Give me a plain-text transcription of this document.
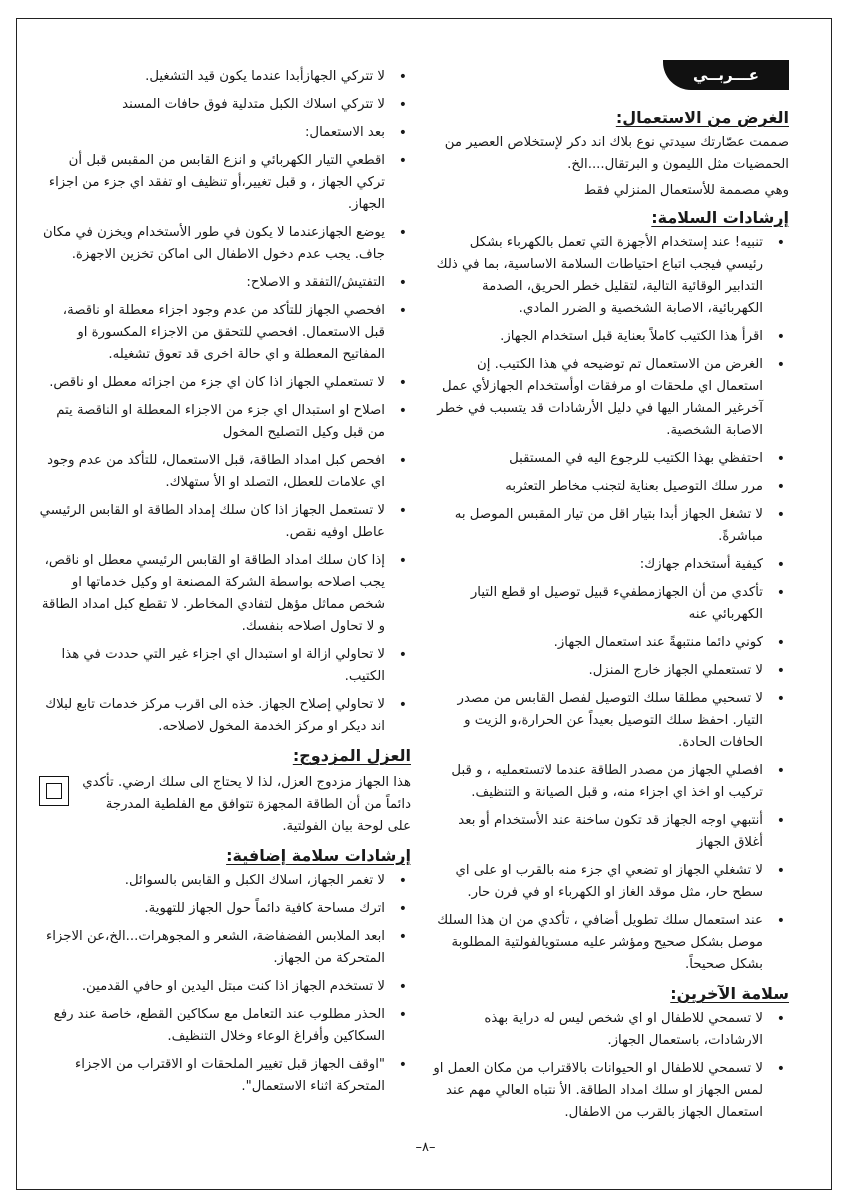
عـــربــي
الغرض من الاستعمال:

صممت عصّارتك سيدتي نوع بلاك اند دكر لإستخلاص العصير من الحمضيات مثل الليمون و البرتقال....الخ.

وهي مصممة للأستعمال المنزلي فقط

إرشادات السلامة:
• تنبيه! عند إستخدام الأجهزة التي تعمل بالكهرباء بشكل رئيسي فيجب اتباع احتياطات السلامة الاساسية، بما في ذلك التدابير الوقائية التالية، لتقليل خطر الحريق، الصدمة الكهربائية، الاصابة الشخصية و الضرر المادي.
• اقرأ هذا الكتيب كاملاً بعناية قبل استخدام الجهاز.
• الغرض من الاستعمال تم توضيحه في هذا الكتيب. إن استعمال اي ملحقات او مرفقات اوأستخدام الجهازلأي عمل آخرغير المشار اليها في دليل الأرشادات قد يتسبب في خطر الاصابة الشخصية.
• احتفظي بهذا الكتيب للرجوع اليه في المستقبل
• مرر سلك التوصيل بعناية لتجنب مخاطر التعثربه
• لا تشغل الجهاز أبدا بتيار اقل من تيار المقبس الموصل به مباشرةً.
• كيفية أستخدام جهازك:
• تأكدي من أن الجهازمطفيء قبيل توصيل او قطع التيار الكهربائي عنه
• كوني دائما منتبهةً عند استعمال الجهاز.
• لا تستعملي الجهاز خارج المنزل.
• لا تسحبي مطلقا سلك التوصيل لفصل القابس من مصدر التيار. احفظ سلك التوصيل بعيداً عن الحرارة،و الزيت و الحافات الحادة.
• افصلي الجهاز من مصدر الطاقة عندما لاتستعمليه ، و قبل تركيب او اخذ اي اجزاء منه، و قبل الصيانة و التنظيف.
• أنتبهي اوجه الجهاز قد تكون ساخنة عند الأستخدام أو بعد أغلاق الجهاز
• لا تشغلي الجهاز او تضعي اي جزء منه بالقرب او على اي سطح حار، مثل موقد الغاز او الكهرباء او في فرن حار.
• عند استعمال سلك تطويل أضافي ، تأكدي من ان هذا السلك موصل بشكل صحيح ومؤشر عليه مستويالفولتية المطلوبة بشكل صحيحاً.
سلامة الآخرين:
• لا تسمحي للاطفال او اي شخص ليس له دراية بهذه الارشادات، باستعمال الجهاز.
• لا تسمحي للاطفال او الحيوانات بالاقتراب من مكان العمل او لمس الجهاز او سلك امداد الطاقة. الأ نتباه العالي مهم عند استعمال الجهاز بالقرب من الاطفال.
• لا تتركي الجهازأبدا عندما يكون قيد التشغيل.
• لا تتركي اسلاك الكبل متدلية فوق حافات المسند
• بعد الاستعمال:
• اقطعي التيار الكهربائي و انزع القابس من المقبس قبل أن تركي الجهاز ، و قبل تغيير،أو تنظيف او تفقد اي جزء من اجزاء الجهاز.
• يوضع الجهازعندما لا يكون في طور الأستخدام ويخزن في مكان جاف. يجب عدم دخول الاطفال الى اماكن تخزين الاجهزة.
• التفتيش/التفقد و الاصلاح:
• افحصي الجهاز للتأكد من عدم وجود اجزاء معطلة او ناقصة، قبل الاستعمال. افحصي للتحقق من الاجزاء المكسورة او المفاتيح المعطلة و اي حالة اخرى قد تعوق تشغيله.
• لا تستعملي الجهاز اذا كان اي جزء من اجزائه معطل او ناقص.
• اصلاح او استبدال اي جزء من الاجزاء المعطلة او الناقصة يتم من قبل وكيل التصليح المخول
• افحص كبل امداد الطاقة، قبل الاستعمال، للتأكد من عدم وجود اي علامات للعطل، التصلد او الأ ستهلاك.
• لا تستعمل الجهاز اذا كان سلك إمداد الطاقة او القابس الرئيسي عاطل اوفيه نقص.
• إذا كان سلك امداد الطاقة او القابس الرئيسي معطل او ناقص، يجب اصلاحه بواسطة الشركة المصنعة او وكيل خدماتها او شخص مماثل مؤهل لتفادي المخاطر. لا تقطع كبل امداد الطاقة و لا تحاول اصلاحه بنفسك.
• لا تحاولي ازالة او استبدال اي اجزاء غير التي حددت في هذا الكتيب.
• لا تحاولي إصلاح الجهاز. خذه الى اقرب مركز خدمات تابع لبلاك اند ديكر او مركز الخدمة المخول لاصلاحه.
العزل المزدوج:

هذا الجهاز مزدوج العزل، لذا لا يحتاج الى سلك ارضي. تأكدي دائماً من أن الطاقة المجهزة تتوافق مع الفلطية المدرجة على لوحة بيان الفولتية.

إرشادات سلامة إضافية:
• لا تغمر الجهاز، اسلاك الكبل و القابس بالسوائل.
• اترك مساحة كافية دائماً حول الجهاز للتهوية.
• ابعد الملابس الفضفاضة، الشعر و المجوهرات...الخ،عن الاجزاء المتحركة من الجهاز.
• لا تستخدم الجهاز اذا كنت مبتل اليدين او حافي القدمين.
• الحذر مطلوب عند التعامل مع سكاكين القطع، خاصة عند رفع السكاكين وأفراغ الوعاء وخلال التنظيف.
• "اوقف الجهاز قبل تغيير الملحقات او الاقتراب من الاجزاء المتحركة اثناء الاستعمال".
–٨–
